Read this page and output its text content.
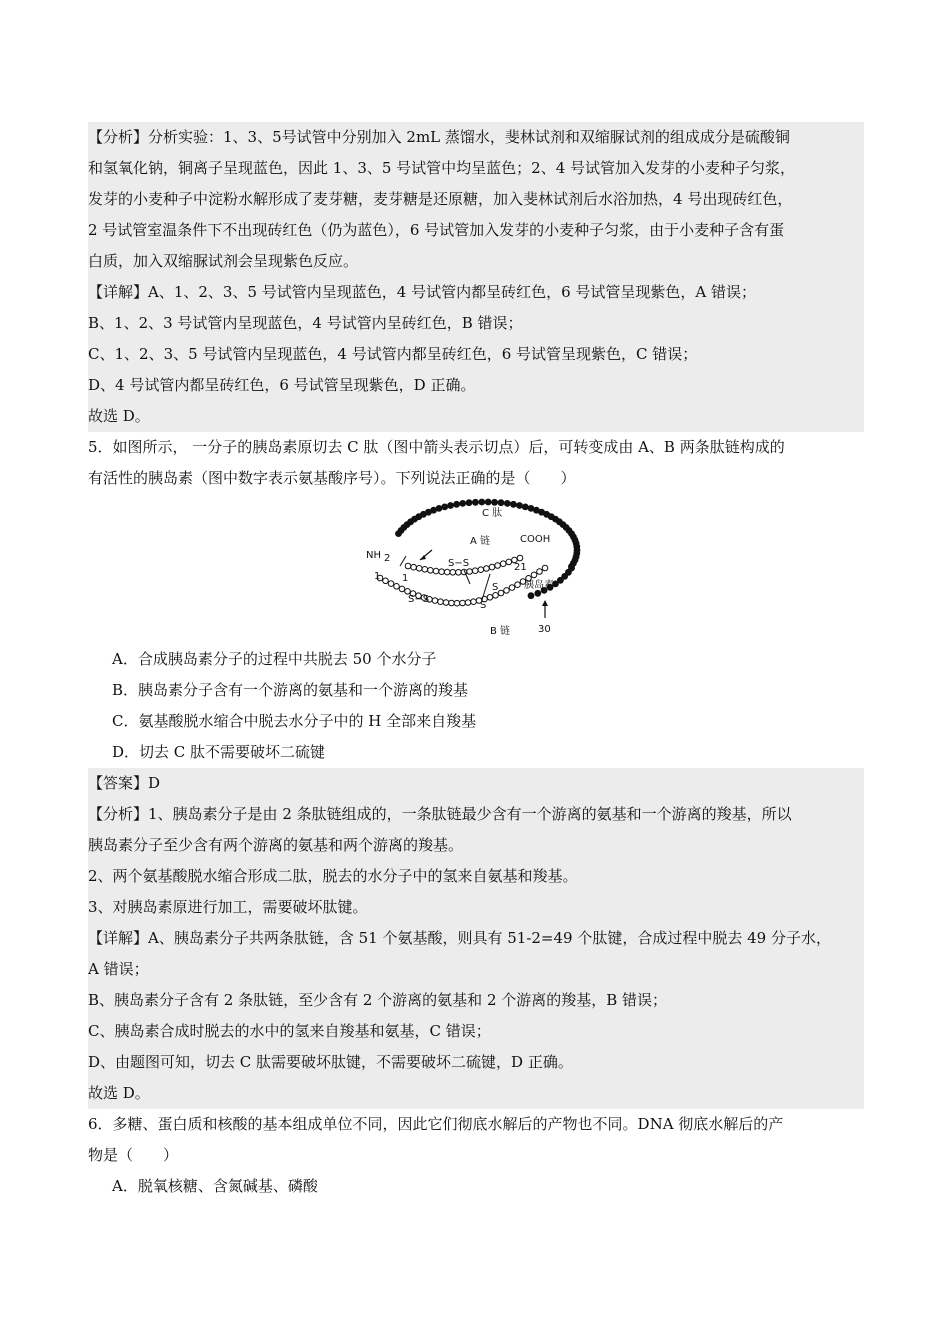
【分析】分析实验：1、3、5号试管中分别加入 2mL 蒸馏水，斐林试剂和双缩脲试剂的组成成分是硫酸铜
和氢氧化钠，铜离子呈现蓝色，因此 1、3、5 号试管中均呈蓝色；2、4 号试管加入发芽的小麦种子匀浆，
发芽的小麦种子中淀粉水解形成了麦芽糖，麦芽糖是还原糖，加入斐林试剂后水浴加热，4 号出现砖红色，
2 号试管室温条件下不出现砖红色（仍为蓝色），6 号试管加入发芽的小麦种子匀浆，由于小麦种子含有蛋
白质，加入双缩脲试剂会呈现紫色反应。
【详解】A、1、2、3、5 号试管内呈现蓝色，4 号试管内都呈砖红色，6 号试管呈现紫色，A 错误；
B、1、2、3 号试管内呈现蓝色，4 号试管内呈砖红色，B 错误；
C、1、2、3、5 号试管内呈现蓝色，4 号试管内都呈砖红色，6 号试管呈现紫色，C 错误；
D、4 号试管内都呈砖红色，6 号试管呈现紫色，D 正确。
故选 D。
5．如图所示， 一分子的胰岛素原切去 C 肽（图中箭头表示切点）后，可转变成由 A、B 两条肽链构成的
有活性的胰岛素（图中数字表示氨基酸序号）。下列说法正确的是（　　）
C 肽
A 链	COOH
NH 2
1 1
21
S−S
S−S
S
S
胰岛素
B 链	30
A．合成胰岛素分子的过程中共脱去 50 个水分子
B．胰岛素分子含有一个游离的氨基和一个游离的羧基
C．氨基酸脱水缩合中脱去水分子中的 H 全部来自羧基
D．切去 C 肽不需要破坏二硫键
【答案】D
【分析】1、胰岛素分子是由 2 条肽链组成的，一条肽链最少含有一个游离的氨基和一个游离的羧基，所以
胰岛素分子至少含有两个游离的氨基和两个游离的羧基。
2、两个氨基酸脱水缩合形成二肽，脱去的水分子中的氢来自氨基和羧基。
3、对胰岛素原进行加工，需要破坏肽键。
【详解】A、胰岛素分子共两条肽链，含 51 个氨基酸，则具有 51-2=49 个肽键，合成过程中脱去 49 分子水，
A 错误；
B、胰岛素分子含有 2 条肽链，至少含有 2 个游离的氨基和 2 个游离的羧基，B 错误；
C、胰岛素合成时脱去的水中的氢来自羧基和氨基，C 错误；
D、由题图可知，切去 C 肽需要破坏肽键，不需要破坏二硫键，D 正确。
故选 D。
6．多糖、蛋白质和核酸的基本组成单位不同，因此它们彻底水解后的产物也不同。DNA 彻底水解后的产
物是（　　）
A．脱氧核糖、含氮碱基、磷酸
